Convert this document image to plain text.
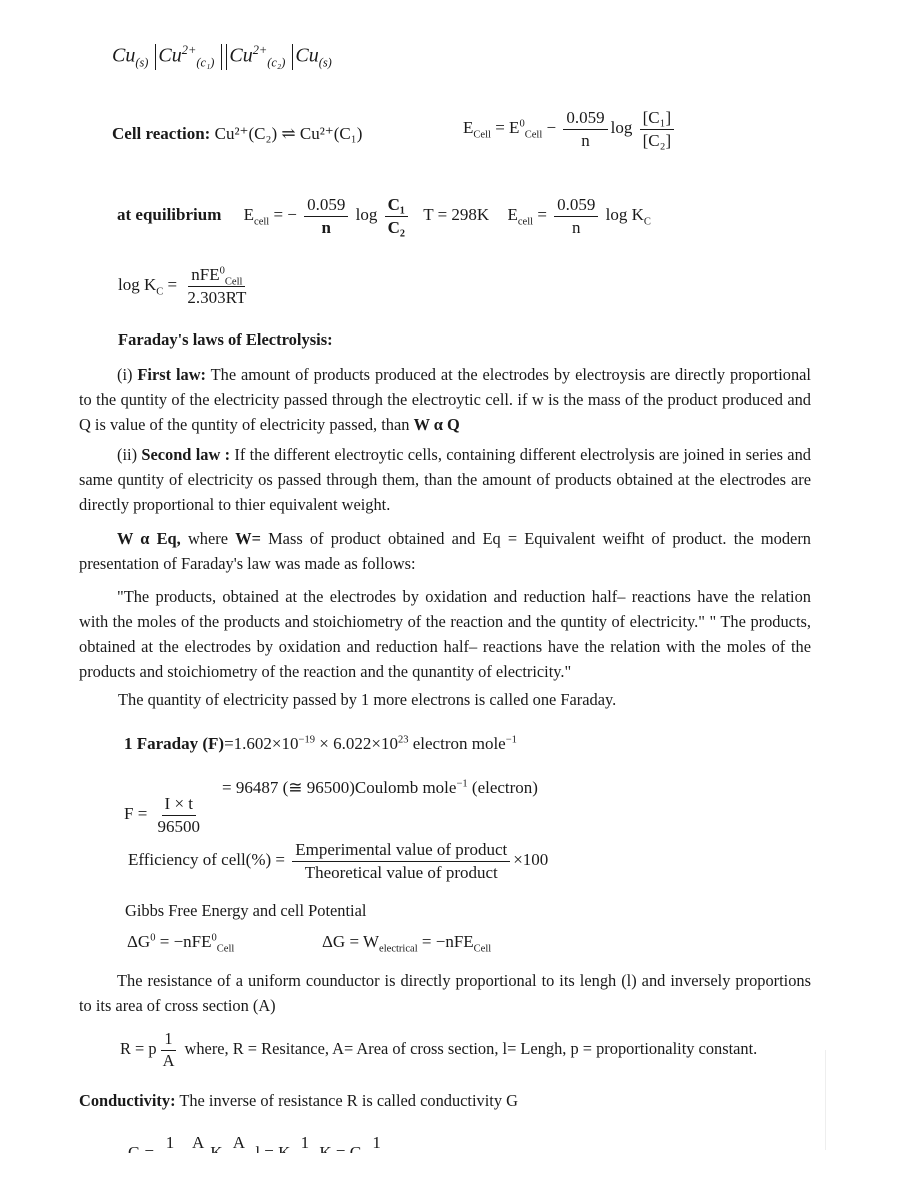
$Cu_{(s)}$ $Cu^{2+}_{(c_1)}$ $Cu^{2+}_{(c_2)}$ $Cu_{(s)}$
Cell reaction: Cu²⁺(C₂) ⇌ Cu²⁺(C₁)	$E_{Cell} = E^0_{Cell} - \frac{0.059}{n}$ $\log \frac{\text{[C₁]}}{\text{[C₂]}}$
at equilibrium $E_{cell}$ = − $\frac{0.059}{n}$ $\log \frac{\text{C₁}}{\text{C₂}}$ T = 298K $E_{cell} = \frac{0.059}{n}$ $\log K_C$
$\log K_C = \frac{nFE^0_{Cell}}{2.303RT}$
Faraday's laws of Electrolysis:
(i) First law: The amount of products produced at the electrodes by electroysis are directly proportional to the quntity of the electricity passed through the electroytic cell. if w is the mass of the product produced and Q is value of the quntity of electricity passed, than W α Q
(ii) Second law : If the different electroytic cells, containing different electrolysis are joined in series and same quntity of electricity os passed through them, than the amount of products obtained at the electrodes are directly proportional to thier equivalent weight.
W α Eq, where W= Mass of product obtained and Eq = Equivalent weifht of product. the modern presentation of Faraday's law was made as follows:
"The products, obtained at the electrodes by oxidation and reduction half– reactions have the relation with the moles of the products and stoichiometry of the reaction and the quntity of electricity." " The products, obtained at the electrodes by oxidation and reduction half– reactions have the relation with the moles of the products and stoichiometry of the reaction and the qunantity of electricity."
The quantity of electricity passed by 1 more electrons is called one Faraday.
1 Faraday $(F)=1.602\times 10^{-19} \times 6.022\times 10^{23}$ electron mole$^{-1}$
= 96487 (≅ 96500)Coulomb mole$^{-1}$ (electron)
$F = \frac{I \times t}{96500}$
Efficiency of cell(%) = $\frac{\text{Emperimental value of product}}{\text{Theoretical value of product}} \times 100$
Gibbs Free Energy and cell Potential
$\Delta G^0 = -nFE^0_{Cell}$	$\Delta G = W_{electrical} = -nFE_{Cell}$
The resistance of a uniform counductor is directly proportional to its lengh (l) and inversely proportions to its area of cross section (A)
R = p $\frac{1}{A}$ where, R = Resitance, A= Area of cross section, l= Lengh, p = proportionality constant.
Conductivity: The inverse of resistance R is called conductivity G
1
A
A
	1

	1
